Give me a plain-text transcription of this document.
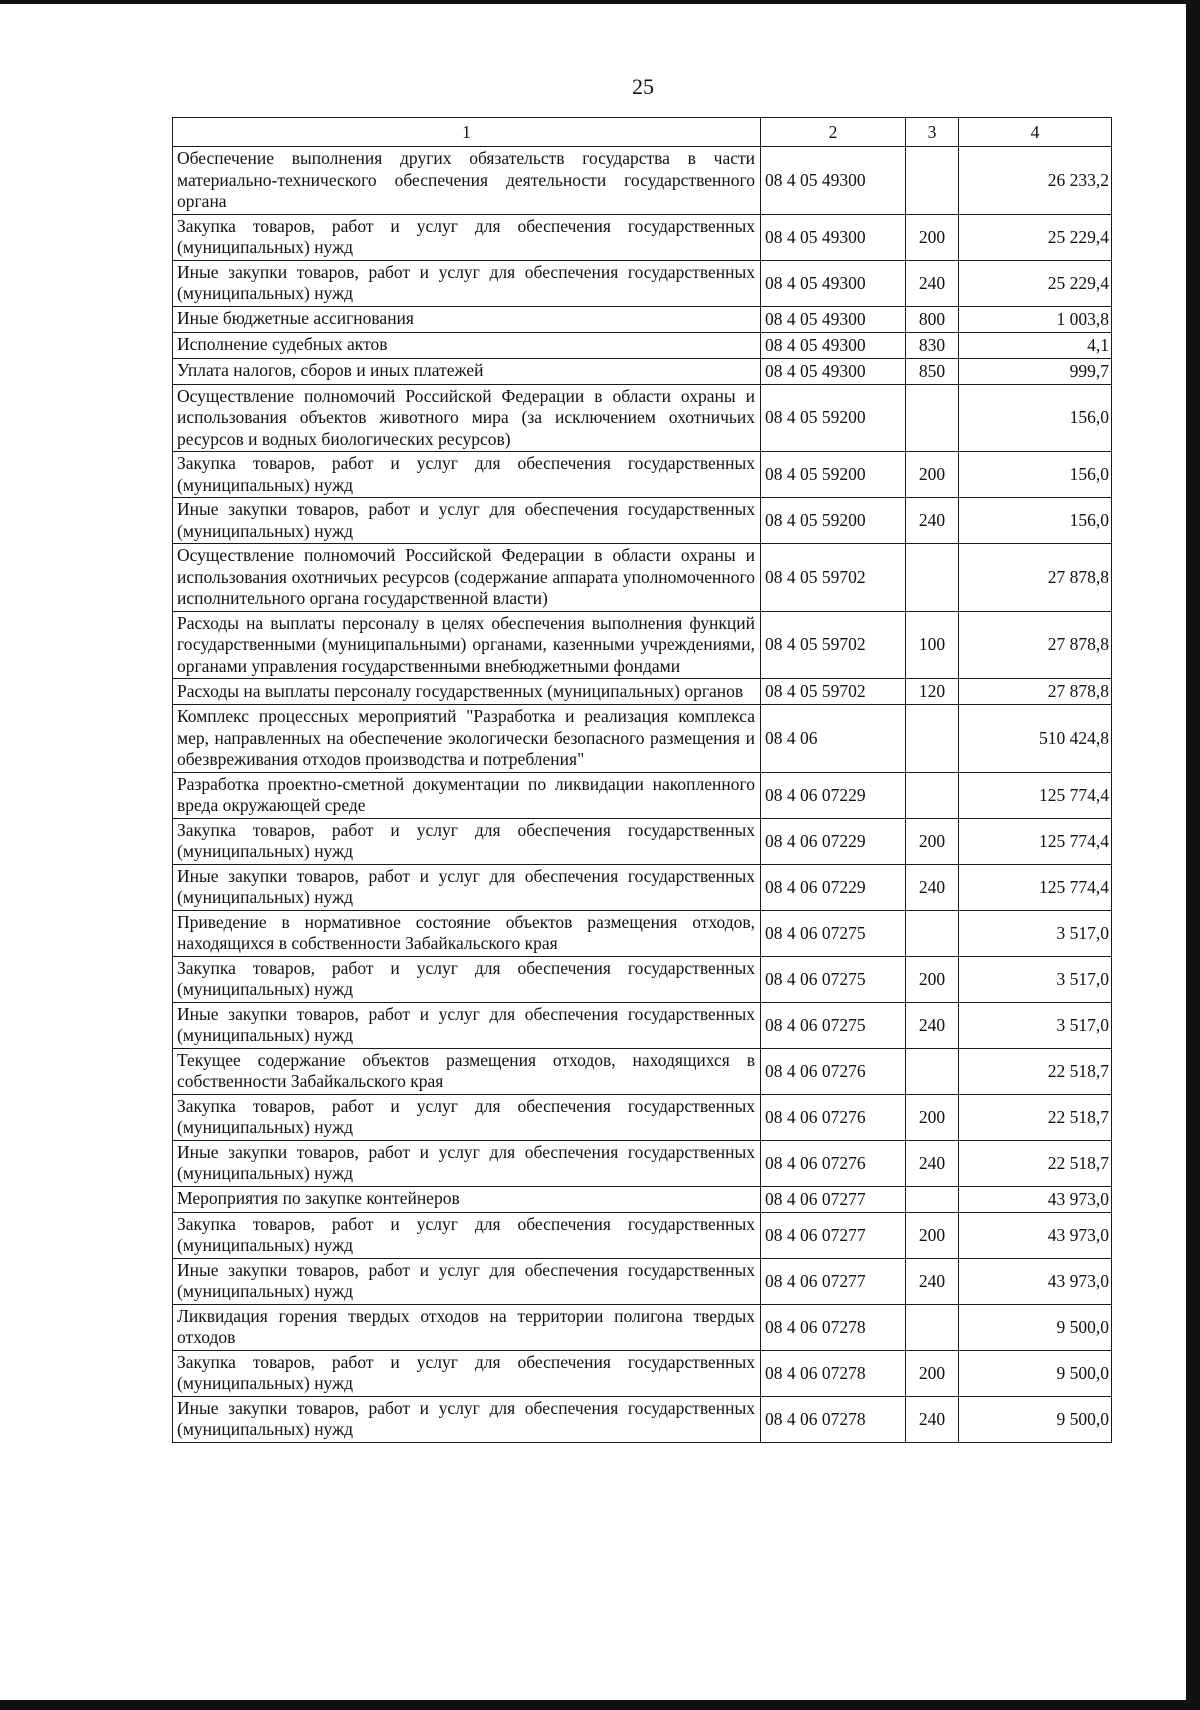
25
1	2	3	4
Обеспечение выполнения других обязательств государства в части материально-технического обеспечения деятельности государственного органа	08 4 05 49300		26 233,2
Закупка товаров, работ и услуг для обеспечения государственных (муниципальных) нужд	08 4 05 49300	200	25 229,4
Иные закупки товаров, работ и услуг для обеспечения государственных (муниципальных) нужд	08 4 05 49300	240	25 229,4
Иные бюджетные ассигнования	08 4 05 49300	800	1 003,8
Исполнение судебных актов	08 4 05 49300	830	4,1
Уплата налогов, сборов и иных платежей	08 4 05 49300	850	999,7
Осуществление полномочий Российской Федерации в области охраны и использования объектов животного мира (за исключением охотничьих ресурсов и водных биологических ресурсов)	08 4 05 59200		156,0
Закупка товаров, работ и услуг для обеспечения государственных (муниципальных) нужд	08 4 05 59200	200	156,0
Иные закупки товаров, работ и услуг для обеспечения государственных (муниципальных) нужд	08 4 05 59200	240	156,0
Осуществление полномочий Российской Федерации в области охраны и использования охотничьих ресурсов (содержание аппарата уполномоченного исполнительного органа государственной власти)	08 4 05 59702		27 878,8
Расходы на выплаты персоналу в целях обеспечения выполнения функций государственными (муниципальными) органами, казенными учреждениями, органами управления государственными внебюджетными фондами	08 4 05 59702	100	27 878,8
Расходы на выплаты персоналу государственных (муниципальных) органов	08 4 05 59702	120	27 878,8
Комплекс процессных мероприятий "Разработка и реализация комплекса мер, направленных на обеспечение экологически безопасного размещения и обезвреживания отходов производства и потребления"	08 4 06		510 424,8
Разработка проектно-сметной документации по ликвидации накопленного вреда окружающей среде	08 4 06 07229		125 774,4
Закупка товаров, работ и услуг для обеспечения государственных (муниципальных) нужд	08 4 06 07229	200	125 774,4
Иные закупки товаров, работ и услуг для обеспечения государственных (муниципальных) нужд	08 4 06 07229	240	125 774,4
Приведение в нормативное состояние объектов размещения отходов, находящихся в собственности Забайкальского края	08 4 06 07275		3 517,0
Закупка товаров, работ и услуг для обеспечения государственных (муниципальных) нужд	08 4 06 07275	200	3 517,0
Иные закупки товаров, работ и услуг для обеспечения государственных (муниципальных) нужд	08 4 06 07275	240	3 517,0
Текущее содержание объектов размещения отходов, находящихся в собственности Забайкальского края	08 4 06 07276		22 518,7
Закупка товаров, работ и услуг для обеспечения государственных (муниципальных) нужд	08 4 06 07276	200	22 518,7
Иные закупки товаров, работ и услуг для обеспечения государственных (муниципальных) нужд	08 4 06 07276	240	22 518,7
Мероприятия по закупке контейнеров	08 4 06 07277		43 973,0
Закупка товаров, работ и услуг для обеспечения государственных (муниципальных) нужд	08 4 06 07277	200	43 973,0
Иные закупки товаров, работ и услуг для обеспечения государственных (муниципальных) нужд	08 4 06 07277	240	43 973,0
Ликвидация горения твердых отходов на территории полигона твердых отходов	08 4 06 07278		9 500,0
Закупка товаров, работ и услуг для обеспечения государственных (муниципальных) нужд	08 4 06 07278	200	9 500,0
Иные закупки товаров, работ и услуг для обеспечения государственных (муниципальных) нужд	08 4 06 07278	240	9 500,0
